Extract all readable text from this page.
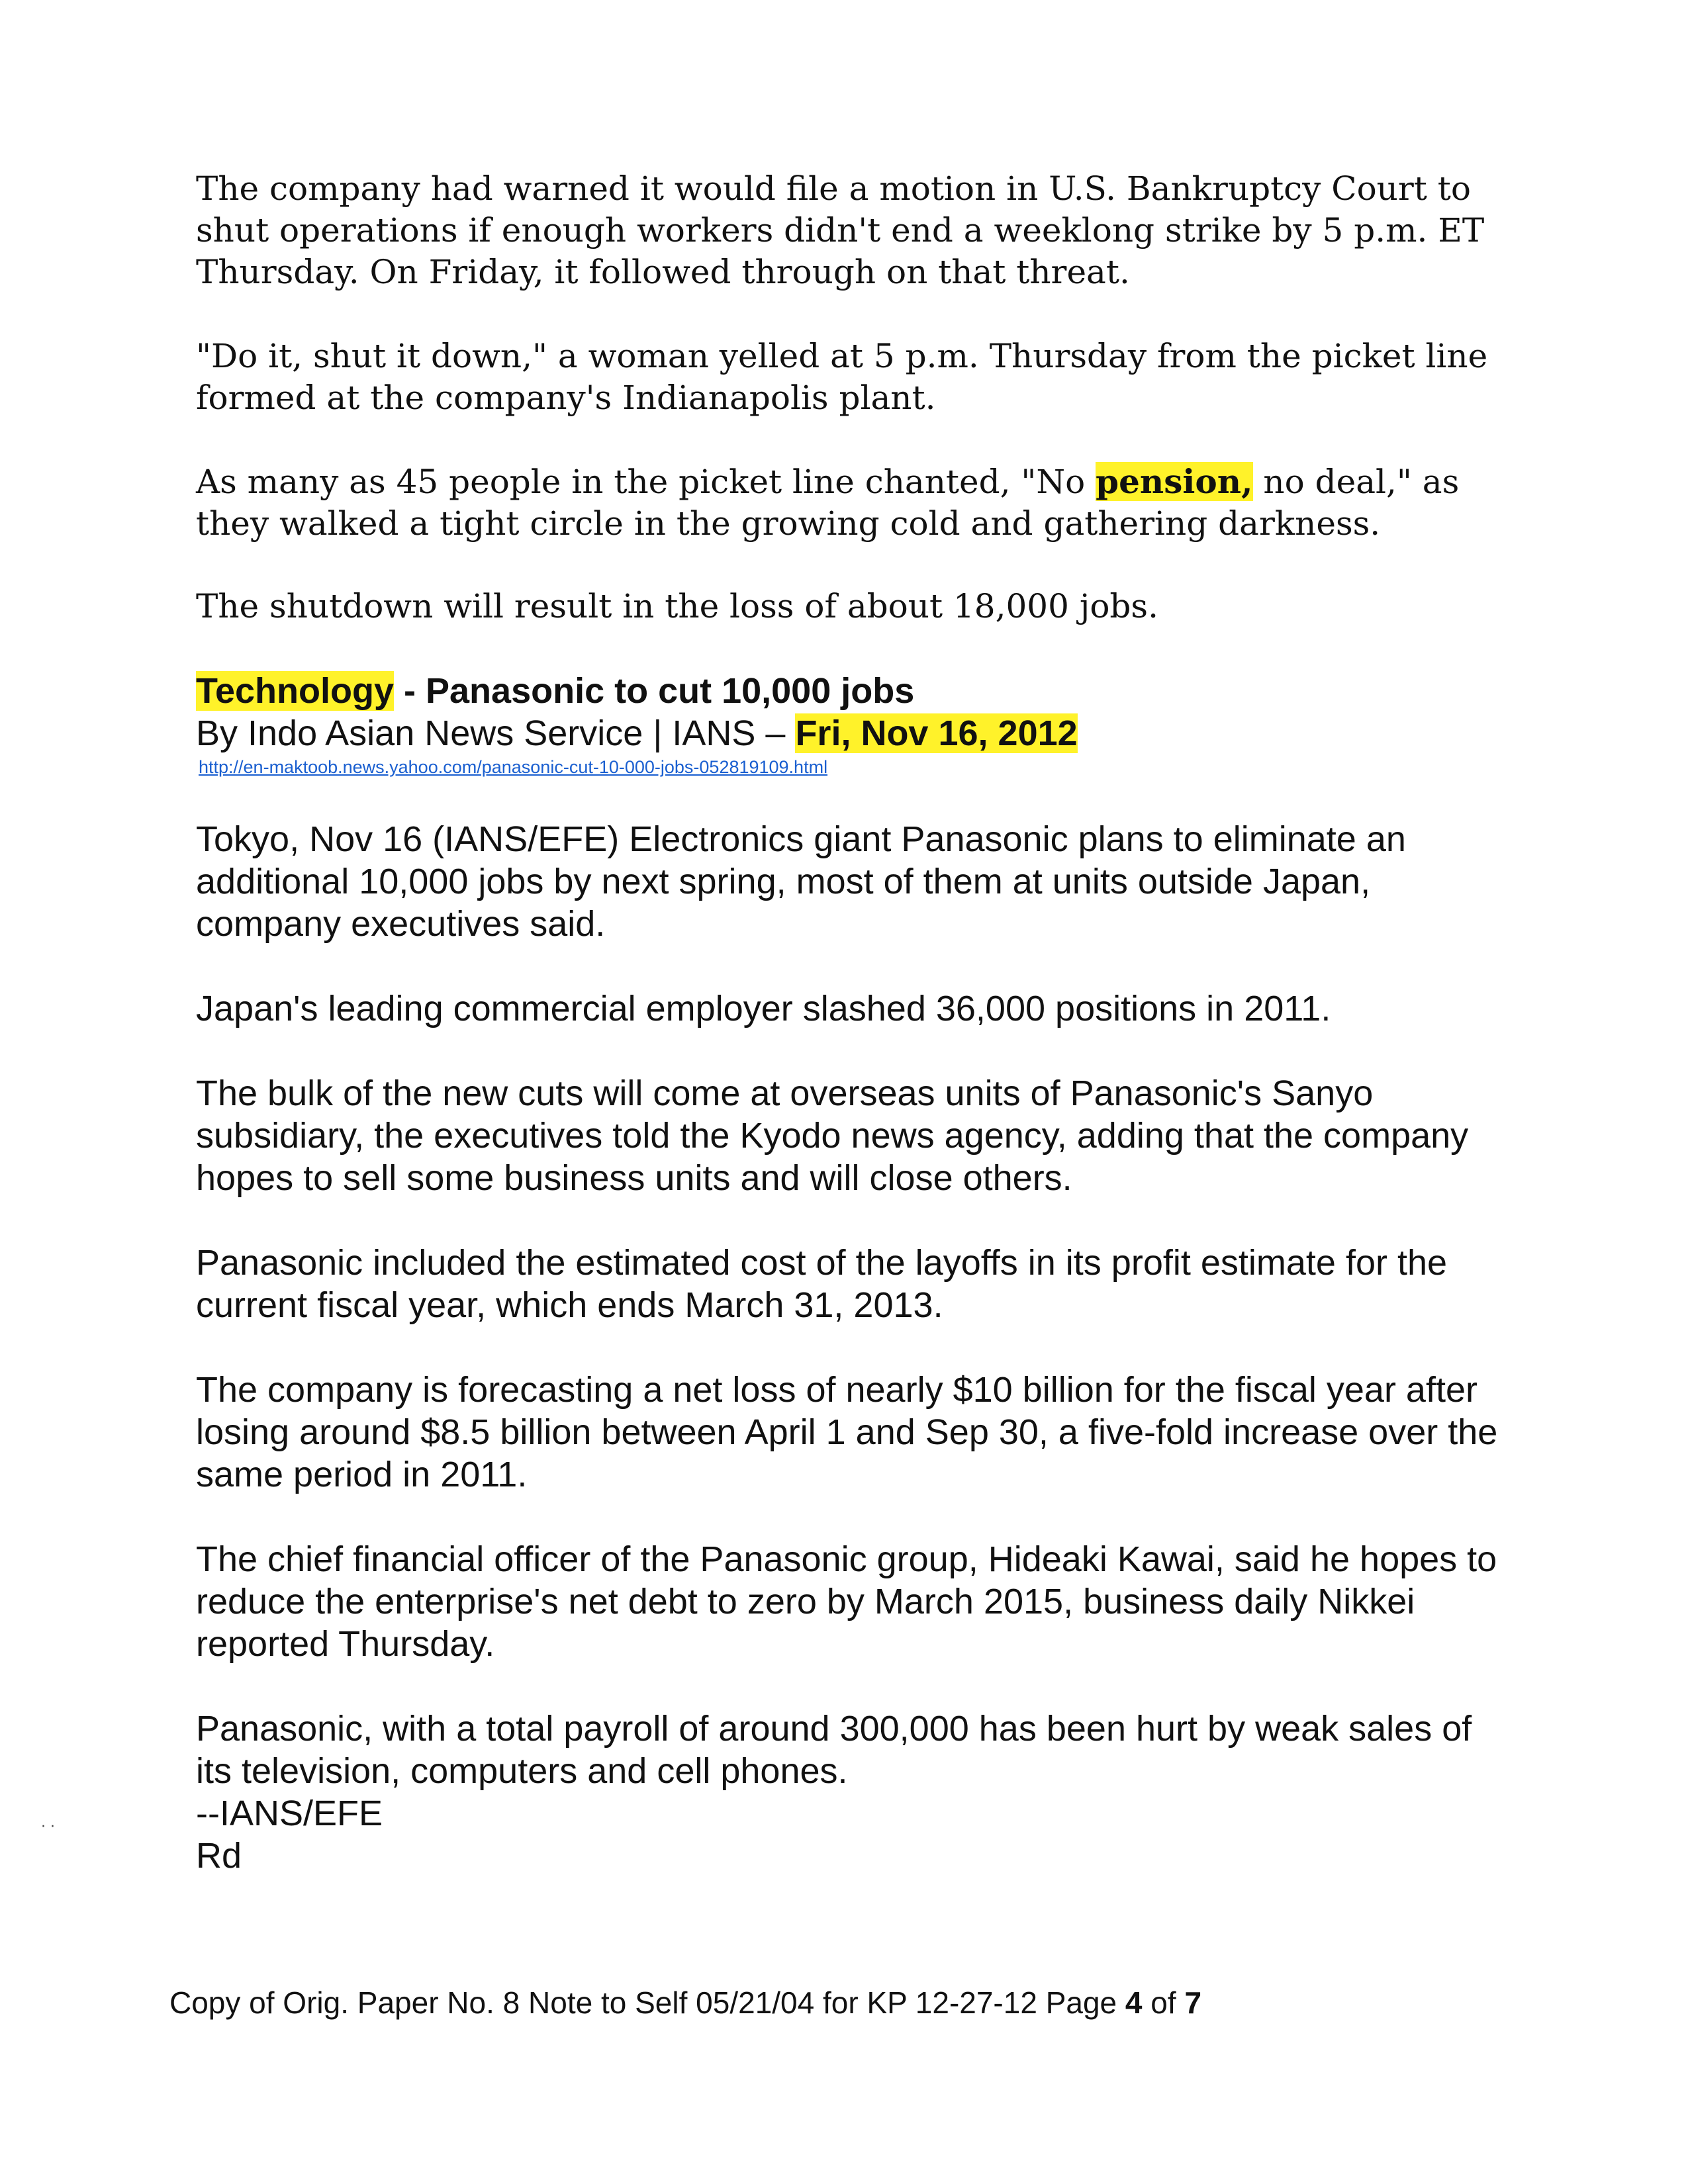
The company had warned it would file a motion in U.S. Bankruptcy Court to shut operations if enough workers didn't end a weeklong strike by 5 p.m. ET Thursday. On Friday, it followed through on that threat.

"Do it, shut it down," a woman yelled at 5 p.m. Thursday from the picket line formed at the company's Indianapolis plant.

As many as 45 people in the picket line chanted, "No pension, no deal," as they walked a tight circle in the growing cold and gathering darkness.

The shutdown will result in the loss of about 18,000 jobs.

Technology - Panasonic to cut 10,000 jobs
By Indo Asian News Service | IANS – Fri, Nov 16, 2012
http://en-maktoob.news.yahoo.com/panasonic-cut-10-000-jobs-052819109.html

Tokyo, Nov 16 (IANS/EFE) Electronics giant Panasonic plans to eliminate an additional 10,000 jobs by next spring, most of them at units outside Japan, company executives said.

Japan's leading commercial employer slashed 36,000 positions in 2011.

The bulk of the new cuts will come at overseas units of Panasonic's Sanyo subsidiary, the executives told the Kyodo news agency, adding that the company hopes to sell some business units and will close others.

Panasonic included the estimated cost of the layoffs in its profit estimate for the current fiscal year, which ends March 31, 2013.

The company is forecasting a net loss of nearly $10 billion for the fiscal year after losing around $8.5 billion between April 1 and Sep 30, a five-fold increase over the same period in 2011.

The chief financial officer of the Panasonic group, Hideaki Kawai, said he hopes to reduce the enterprise's net debt to zero by March 2015, business daily Nikkei reported Thursday.

Panasonic, with a total payroll of around 300,000 has been hurt by weak sales of its television, computers and cell phones.

--IANS/EFE

Rd

· ·
Copy of Orig. Paper No. 8 Note to Self 05/21/04 for KP 12-27-12 Page 4 of 7
